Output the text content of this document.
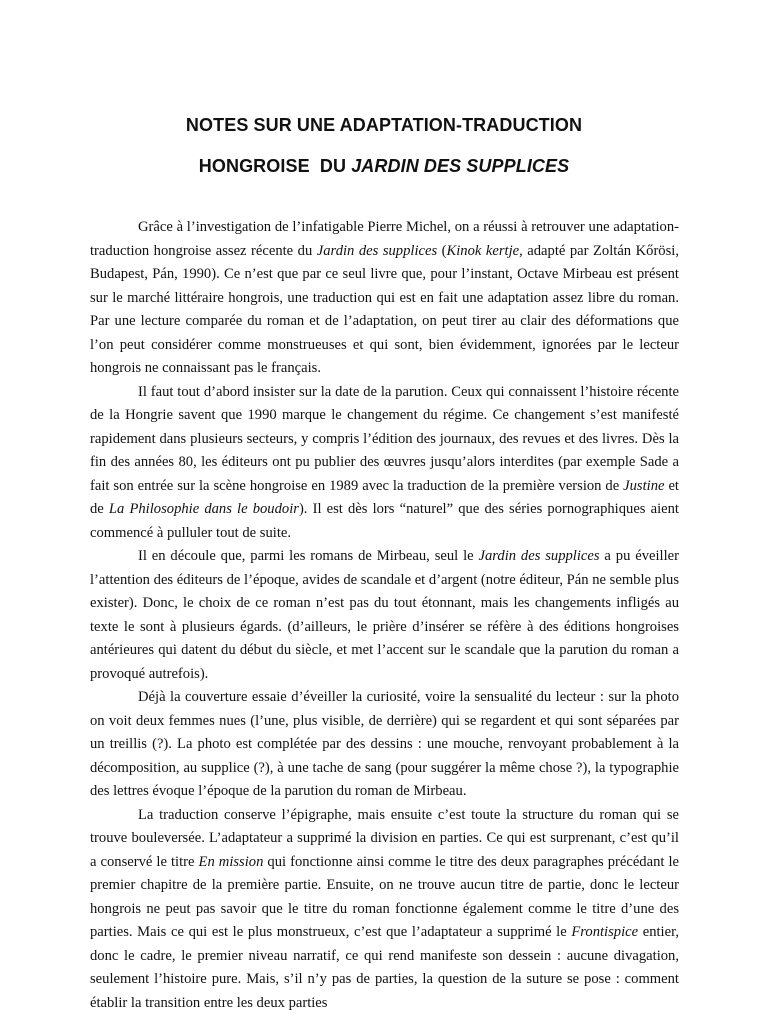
NOTES SUR UNE ADAPTATION-TRADUCTION
HONGROISE  DU JARDIN DES SUPPLICES

Grâce à l’investigation de l’infatigable Pierre Michel, on a réussi à retrouver une adaptation-traduction hongroise assez récente du Jardin des supplices (Kinok kertje, adapté par Zoltán Kőrösi, Budapest, Pán, 1990). Ce n’est que par ce seul livre que, pour l’instant, Octave Mirbeau est présent sur le marché littéraire hongrois, une traduction qui est en fait une adaptation assez libre du roman. Par une lecture comparée du roman et de l’adaptation, on peut tirer au clair des déformations que l’on peut considérer comme monstrueuses et qui sont, bien évidemment, ignorées par le lecteur hongrois ne connaissant pas le français.

Il faut tout d’abord insister sur la date de la parution. Ceux qui connaissent l’histoire récente de la Hongrie savent que 1990 marque le changement du régime. Ce changement s’est manifesté rapidement dans plusieurs secteurs, y compris l’édition des journaux, des revues et des livres. Dès la fin des années 80, les éditeurs ont pu publier des œuvres jusqu’alors interdites (par exemple Sade a fait son entrée sur la scène hongroise en 1989 avec la traduction de la première version de Justine et de La Philosophie dans le boudoir). Il est dès lors “naturel” que des séries pornographiques aient commencé à pulluler tout de suite.

Il en découle que, parmi les romans de Mirbeau, seul le Jardin des supplices a pu éveiller l’attention des éditeurs de l’époque, avides de scandale et d’argent (notre éditeur, Pán ne semble plus exister). Donc, le choix de ce roman n’est pas du tout étonnant, mais les changements infligés au texte le sont à plusieurs égards. (d’ailleurs, le prière d’insérer se réfère à des éditions hongroises antérieures qui datent du début du siècle, et met l’accent sur le scandale que la parution du roman a provoqué autrefois).

Déjà la couverture essaie d’éveiller la curiosité, voire la sensualité du lecteur : sur la photo on voit deux femmes nues (l’une, plus visible, de derrière) qui se regardent et qui sont séparées par un treillis (?). La photo est complétée par des dessins : une mouche, renvoyant probablement à la décomposition, au supplice (?), à une tache de sang (pour suggérer la même chose ?), la typographie des lettres évoque l’époque de la parution du roman de Mirbeau.

La traduction conserve l’épigraphe, mais ensuite c’est toute la structure du roman qui se trouve bouleversée. L’adaptateur a supprimé la division en parties. Ce qui est surprenant, c’est qu’il a conservé le titre En mission qui fonctionne ainsi comme le titre des deux paragraphes précédant le premier chapitre de la première partie. Ensuite, on ne trouve aucun titre de partie, donc le lecteur hongrois ne peut pas savoir que le titre du roman fonctionne également comme le titre d’une des parties. Mais ce qui est le plus monstrueux, c’est que l’adaptateur a supprimé le Frontispice entier, donc le cadre, le premier niveau narratif, ce qui rend manifeste son dessein : aucune divagation, seulement l’histoire pure. Mais, s’il n’y pas de parties, la question de la suture se pose : comment établir la transition entre les deux parties
